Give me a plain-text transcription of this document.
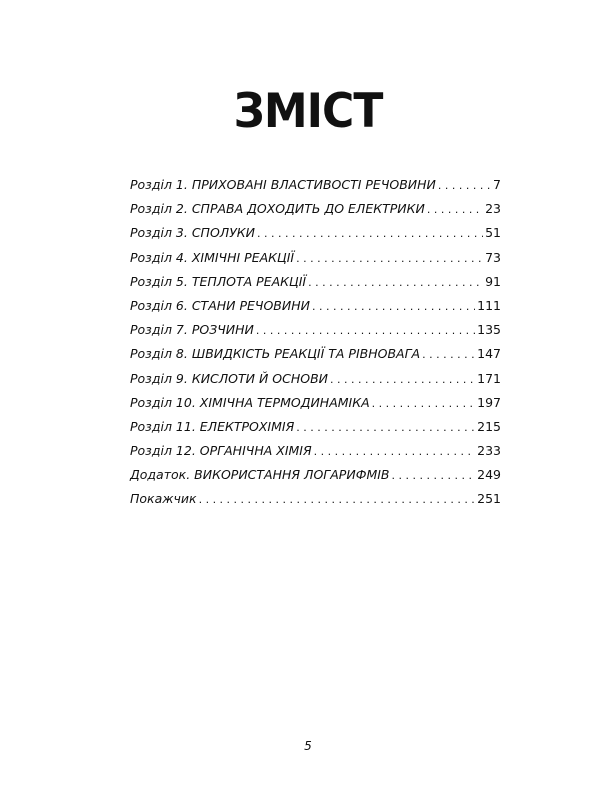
ЗМІСТ
Розділ 1. ПРИХОВАНІ ВЛАСТИВОСТІ РЕЧОВИНИ . . .	7
Розділ 2. СПРАВА ДОХОДИТЬ ДО ЕЛЕКТРИКИ . . .	23
Розділ 3. СПОЛУКИ . . .	51
Розділ 4. ХІМІЧНІ РЕАКЦІЇ . . .	73
Розділ 5. ТЕПЛОТА РЕАКЦІЇ . . .	91
Розділ 6. СТАНИ РЕЧОВИНИ . . .	111
Розділ 7. РОЗЧИНИ . . .	135
Розділ 8. ШВИДКІСТЬ РЕАКЦІЇ ТА РІВНОВАГА . . .	147
Розділ 9. КИСЛОТИ Й ОСНОВИ . . .	171
Розділ 10. ХІМІЧНА ТЕРМОДИНАМІКА . . .	197
Розділ 11. ЕЛЕКТРОХІМІЯ . . .	215
Розділ 12. ОРГАНІЧНА ХІМІЯ . . .	233
Додаток. ВИКОРИСТАННЯ ЛОГАРИФМІВ . . .	249
Покажчик . . .	251
5
